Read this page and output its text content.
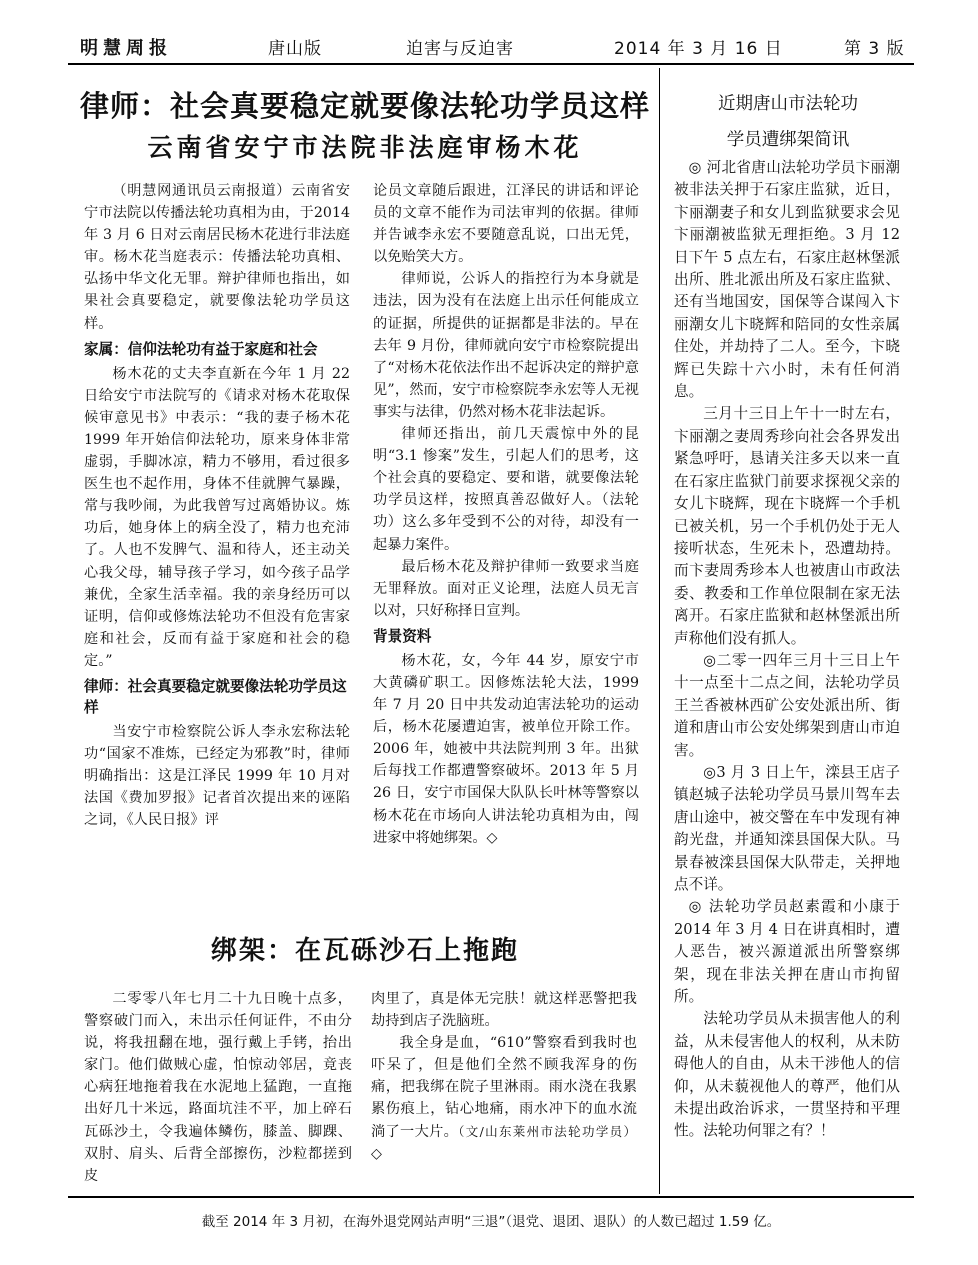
明慧周报	唐山版	迫害与反迫害	2014 年 3 月 16 日	第 3 版
律师：社会真要稳定就要像法轮功学员这样
云南省安宁市法院非法庭审杨木花

（明慧网通讯员云南报道）云南省安宁市法院以传播法轮功真相为由，于2014 年 3 月 6 日对云南居民杨木花进行非法庭审。杨木花当庭表示：传播法轮功真相、弘扬中华文化无罪。辩护律师也指出，如果社会真要稳定，就要像法轮功学员这样。

家属：信仰法轮功有益于家庭和社会

杨木花的丈夫李直新在今年 1 月 22 日给安宁市法院写的《请求对杨木花取保候审意见书》中表示：“我的妻子杨木花 1999 年开始信仰法轮功，原来身体非常虚弱，手脚冰凉，精力不够用，看过很多医生也不起作用，身体不佳就脾气暴躁，常与我吵闹，为此我曾写过离婚协议。炼功后，她身体上的病全没了，精力也充沛了。人也不发脾气、温和待人，还主动关心我父母，辅导孩子学习，如今孩子品学兼优，全家生活幸福。我的亲身经历可以证明，信仰或修炼法轮功不但没有危害家庭和社会，反而有益于家庭和社会的稳定。”

律师：社会真要稳定就要像法轮功学员这样

当安宁市检察院公诉人李永宏称法轮功“国家不准炼，已经定为邪教”时，律师明确指出：这是江泽民 1999 年 10 月对法国《费加罗报》记者首次提出来的诬陷之词，《人民日报》评

论员文章随后跟进，江泽民的讲话和评论员的文章不能作为司法审判的依据。律师并告诫李永宏不要随意乱说，口出无凭，以免贻笑大方。

律师说，公诉人的指控行为本身就是违法，因为没有在法庭上出示任何能成立的证据，所提供的证据都是非法的。早在去年 9 月份，律师就向安宁市检察院提出了“对杨木花依法作出不起诉决定的辩护意见”，然而，安宁市检察院李永宏等人无视事实与法律，仍然对杨木花非法起诉。

律师还指出，前几天震惊中外的昆明“3.1 惨案”发生，引起人们的思考，这个社会真的要稳定、要和谐，就要像法轮功学员这样，按照真善忍做好人。（法轮功）这么多年受到不公的对待，却没有一起暴力案件。

最后杨木花及辩护律师一致要求当庭无罪释放。面对正义论理，法庭人员无言以对，只好称择日宣判。

背景资料

杨木花，女，今年 44 岁，原安宁市大黄磷矿职工。因修炼法轮大法，1999 年 7 月 20 日中共发动迫害法轮功的运动后，杨木花屡遭迫害，被单位开除工作。2006 年，她被中共法院判刑 3 年。出狱后每找工作都遭警察破坏。2013 年 5 月 26 日，安宁市国保大队队长叶林等警察以杨木花在市场向人讲法轮功真相为由，闯进家中将她绑架。◇

绑架：在瓦砾沙石上拖跑

二零零八年七月二十九日晚十点多，警察破门而入，未出示任何证件，不由分说，将我扭翻在地，强行戴上手铐，抬出家门。他们做贼心虚，怕惊动邻居，竟丧心病狂地拖着我在水泥地上猛跑，一直拖出好几十米远，路面坑洼不平，加上碎石瓦砾沙土，令我遍体鳞伤，膝盖、脚踝、双肘、肩头、后背全部擦伤，沙粒都搓到皮

肉里了，真是体无完肤！就这样恶警把我劫持到店子洗脑班。

我全身是血，“610”警察看到我时也吓呆了，但是他们全然不顾我浑身的伤痛，把我绑在院子里淋雨。雨水浇在我累累伤痕上，钻心地痛，雨水冲下的血水流淌了一大片。（文/山东莱州市法轮功学员）◇

近期唐山市法轮功
学员遭绑架简讯

◎ 河北省唐山法轮功学员卞丽潮被非法关押于石家庄监狱，近日，卞丽潮妻子和女儿到监狱要求会见卞丽潮被监狱无理拒绝。3 月 12 日下午 5 点左右，石家庄赵林堡派出所、胜北派出所及石家庄监狱、还有当地国安，国保等合谋闯入卞丽潮女儿卞晓辉和陪同的女性亲属住处，并劫持了二人。至今，卞晓辉已失踪十六小时，未有任何消息。

三月十三日上午十一时左右，卞丽潮之妻周秀珍向社会各界发出紧急呼吁，恳请关注多天以来一直在石家庄监狱门前要求探视父亲的女儿卞晓辉，现在卞晓辉一个手机已被关机，另一个手机仍处于无人接听状态，生死未卜，恐遭劫持。而卞妻周秀珍本人也被唐山市政法委、教委和工作单位限制在家无法离开。石家庄监狱和赵林堡派出所声称他们没有抓人。

◎二零一四年三月十三日上午十一点至十二点之间，法轮功学员王兰香被林西矿公安处派出所、街道和唐山市公安处绑架到唐山市迫害。

◎3 月 3 日上午，滦县王店子镇赵城子法轮功学员马景川驾车去唐山途中，被交警在车中发现有神韵光盘，并通知滦县国保大队。马景春被滦县国保大队带走，关押地点不详。

◎ 法轮功学员赵素霞和小康于 2014 年 3 月 4 日在讲真相时，遭人恶告，被兴源道派出所警察绑架，现在非法关押在唐山市拘留所。

法轮功学员从未损害他人的利益，从未侵害他人的权利，从未防碍他人的自由，从未干涉他人的信仰，从未藐视他人的尊严，他们从未提出政治诉求，一贯坚持和平理性。法轮功何罪之有？！

截至 2014 年 3 月初，在海外退党网站声明“三退”（退党、退团、退队）的人数已超过 1.59 亿。
